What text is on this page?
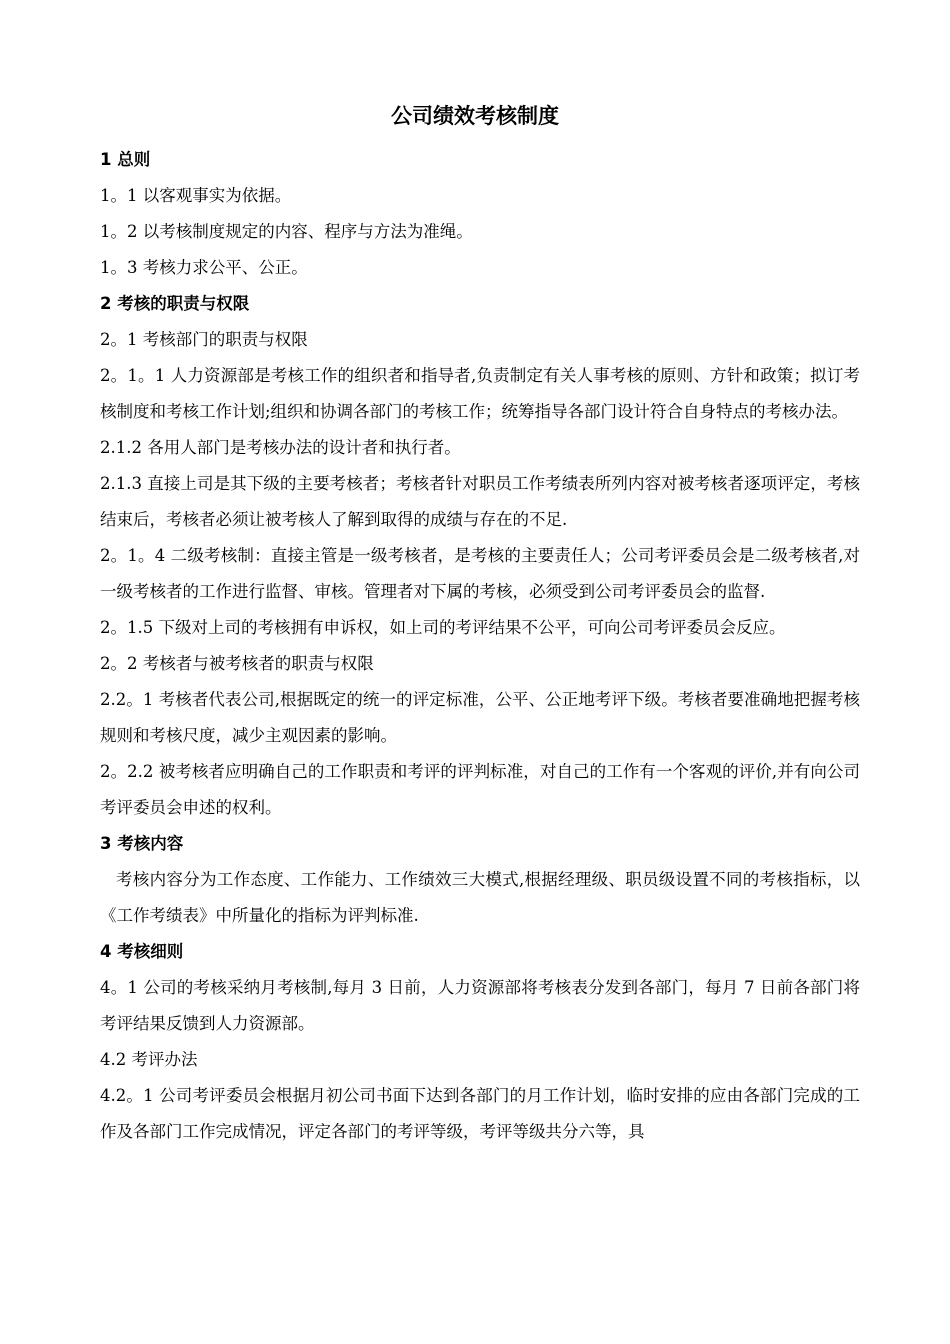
公司绩效考核制度

1 总则

1。1 以客观事实为依据。

1。2 以考核制度规定的内容、程序与方法为准绳。

1。3 考核力求公平、公正。

2 考核的职责与权限

2。1 考核部门的职责与权限

2。1。1 人力资源部是考核工作的组织者和指导者,负责制定有关人事考核的原则、方针和政策；拟订考核制度和考核工作计划;组织和协调各部门的考核工作；统筹指导各部门设计符合自身特点的考核办法。

2.1.2 各用人部门是考核办法的设计者和执行者。

2.1.3 直接上司是其下级的主要考核者；考核者针对职员工作考绩表所列内容对被考核者逐项评定，考核结束后，考核者必须让被考核人了解到取得的成绩与存在的不足.

2。1。4 二级考核制：直接主管是一级考核者，是考核的主要责任人；公司考评委员会是二级考核者,对一级考核者的工作进行监督、审核。管理者对下属的考核，必须受到公司考评委员会的监督.

2。1.5 下级对上司的考核拥有申诉权，如上司的考评结果不公平，可向公司考评委员会反应。

2。2 考核者与被考核者的职责与权限

2.2。1 考核者代表公司,根据既定的统一的评定标准，公平、公正地考评下级。考核者要准确地把握考核规则和考核尺度，减少主观因素的影响。

2。2.2 被考核者应明确自己的工作职责和考评的评判标准，对自己的工作有一个客观的评价,并有向公司考评委员会申述的权利。

3 考核内容

考核内容分为工作态度、工作能力、工作绩效三大模式,根据经理级、职员级设置不同的考核指标，以《工作考绩表》中所量化的指标为评判标准.

4 考核细则

4。1 公司的考核采纳月考核制,每月 3 日前，人力资源部将考核表分发到各部门，每月 7 日前各部门将考评结果反馈到人力资源部。

4.2 考评办法

4.2。1 公司考评委员会根据月初公司书面下达到各部门的月工作计划，临时安排的应由各部门完成的工作及各部门工作完成情况，评定各部门的考评等级，考评等级共分六等，具
